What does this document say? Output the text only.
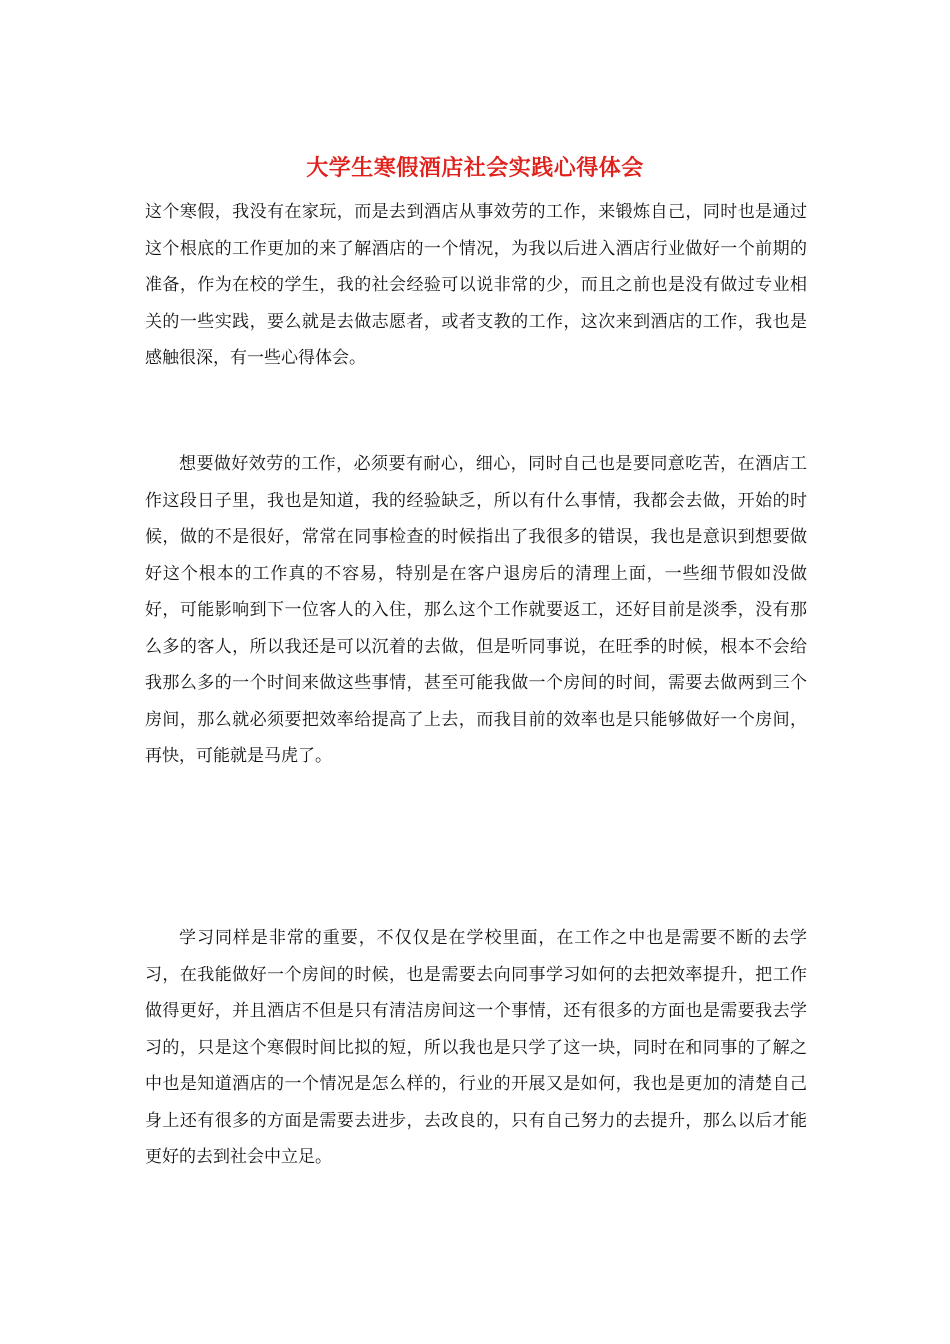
大学生寒假酒店社会实践心得体会

这个寒假，我没有在家玩，而是去到酒店从事效劳的工作，来锻炼自己，同时也是通过这个根底的工作更加的来了解酒店的一个情况，为我以后进入酒店行业做好一个前期的准备，作为在校的学生，我的社会经验可以说非常的少，而且之前也是没有做过专业相关的一些实践，要么就是去做志愿者，或者支教的工作，这次来到酒店的工作，我也是感触很深，有一些心得体会。

想要做好效劳的工作，必须要有耐心，细心，同时自己也是要同意吃苦，在酒店工作这段日子里，我也是知道，我的经验缺乏，所以有什么事情，我都会去做，开始的时候，做的不是很好，常常在同事检查的时候指出了我很多的错误，我也是意识到想要做好这个根本的工作真的不容易，特别是在客户退房后的清理上面，一些细节假如没做好，可能影响到下一位客人的入住，那么这个工作就要返工，还好目前是淡季，没有那么多的客人，所以我还是可以沉着的去做，但是听同事说，在旺季的时候，根本不会给我那么多的一个时间来做这些事情，甚至可能我做一个房间的时间，需要去做两到三个房间，那么就必须要把效率给提高了上去，而我目前的效率也是只能够做好一个房间，再快，可能就是马虎了。

学习同样是非常的重要，不仅仅是在学校里面，在工作之中也是需要不断的去学习，在我能做好一个房间的时候，也是需要去向同事学习如何的去把效率提升，把工作做得更好，并且酒店不但是只有清洁房间这一个事情，还有很多的方面也是需要我去学习的，只是这个寒假时间比拟的短，所以我也是只学了这一块，同时在和同事的了解之中也是知道酒店的一个情况是怎么样的，行业的开展又是如何，我也是更加的清楚自己身上还有很多的方面是需要去进步，去改良的，只有自己努力的去提升，那么以后才能更好的去到社会中立足。
